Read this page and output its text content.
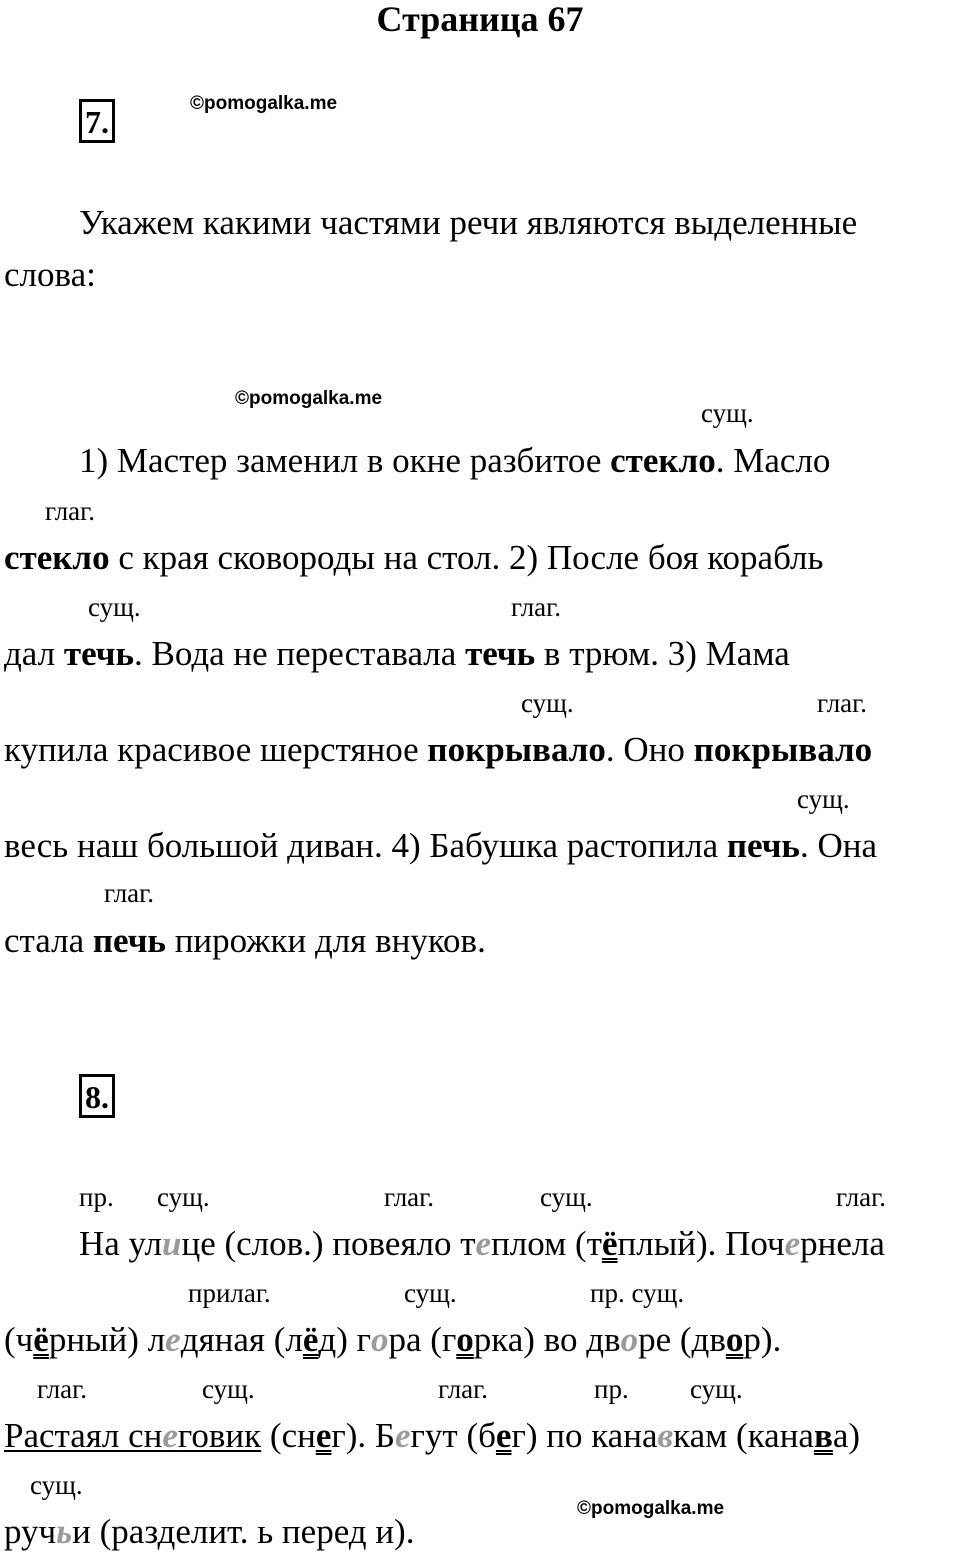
Страница 67
7.
©pomogalka.me
Укажем какими частями речи являются выделенные
слова:
©pomogalka.me	сущ.
1) Мастер заменил в окне разбитое стекло. Масло
глаг.
стекло с края сковороды на стол. 2) После боя корабль
сущ.	глаг.
дал течь. Вода не переставала течь в трюм. 3) Мама
сущ.	глаг.
купила красивое шерстяное покрывало. Оно покрывало
сущ.
весь наш большой диван. 4) Бабушка растопила печь. Она
глаг.
стала печь пирожки для внуков.
8.
пр. сущ.	глаг.	сущ.	глаг.
На улице (слов.) повеяло теплом (тёплый). Почернела
прилаг.	сущ.	пр. сущ.
(чёрный) ледяная (лёд) гора (горка) во дворе (двор).
глаг.	сущ.	глаг.	пр. сущ.
Растаял снеговик (снег). Бегут (бег) по канавкам (канава)
сущ.
©pomogalka.me
ручьи (разделит. ь перед и).
